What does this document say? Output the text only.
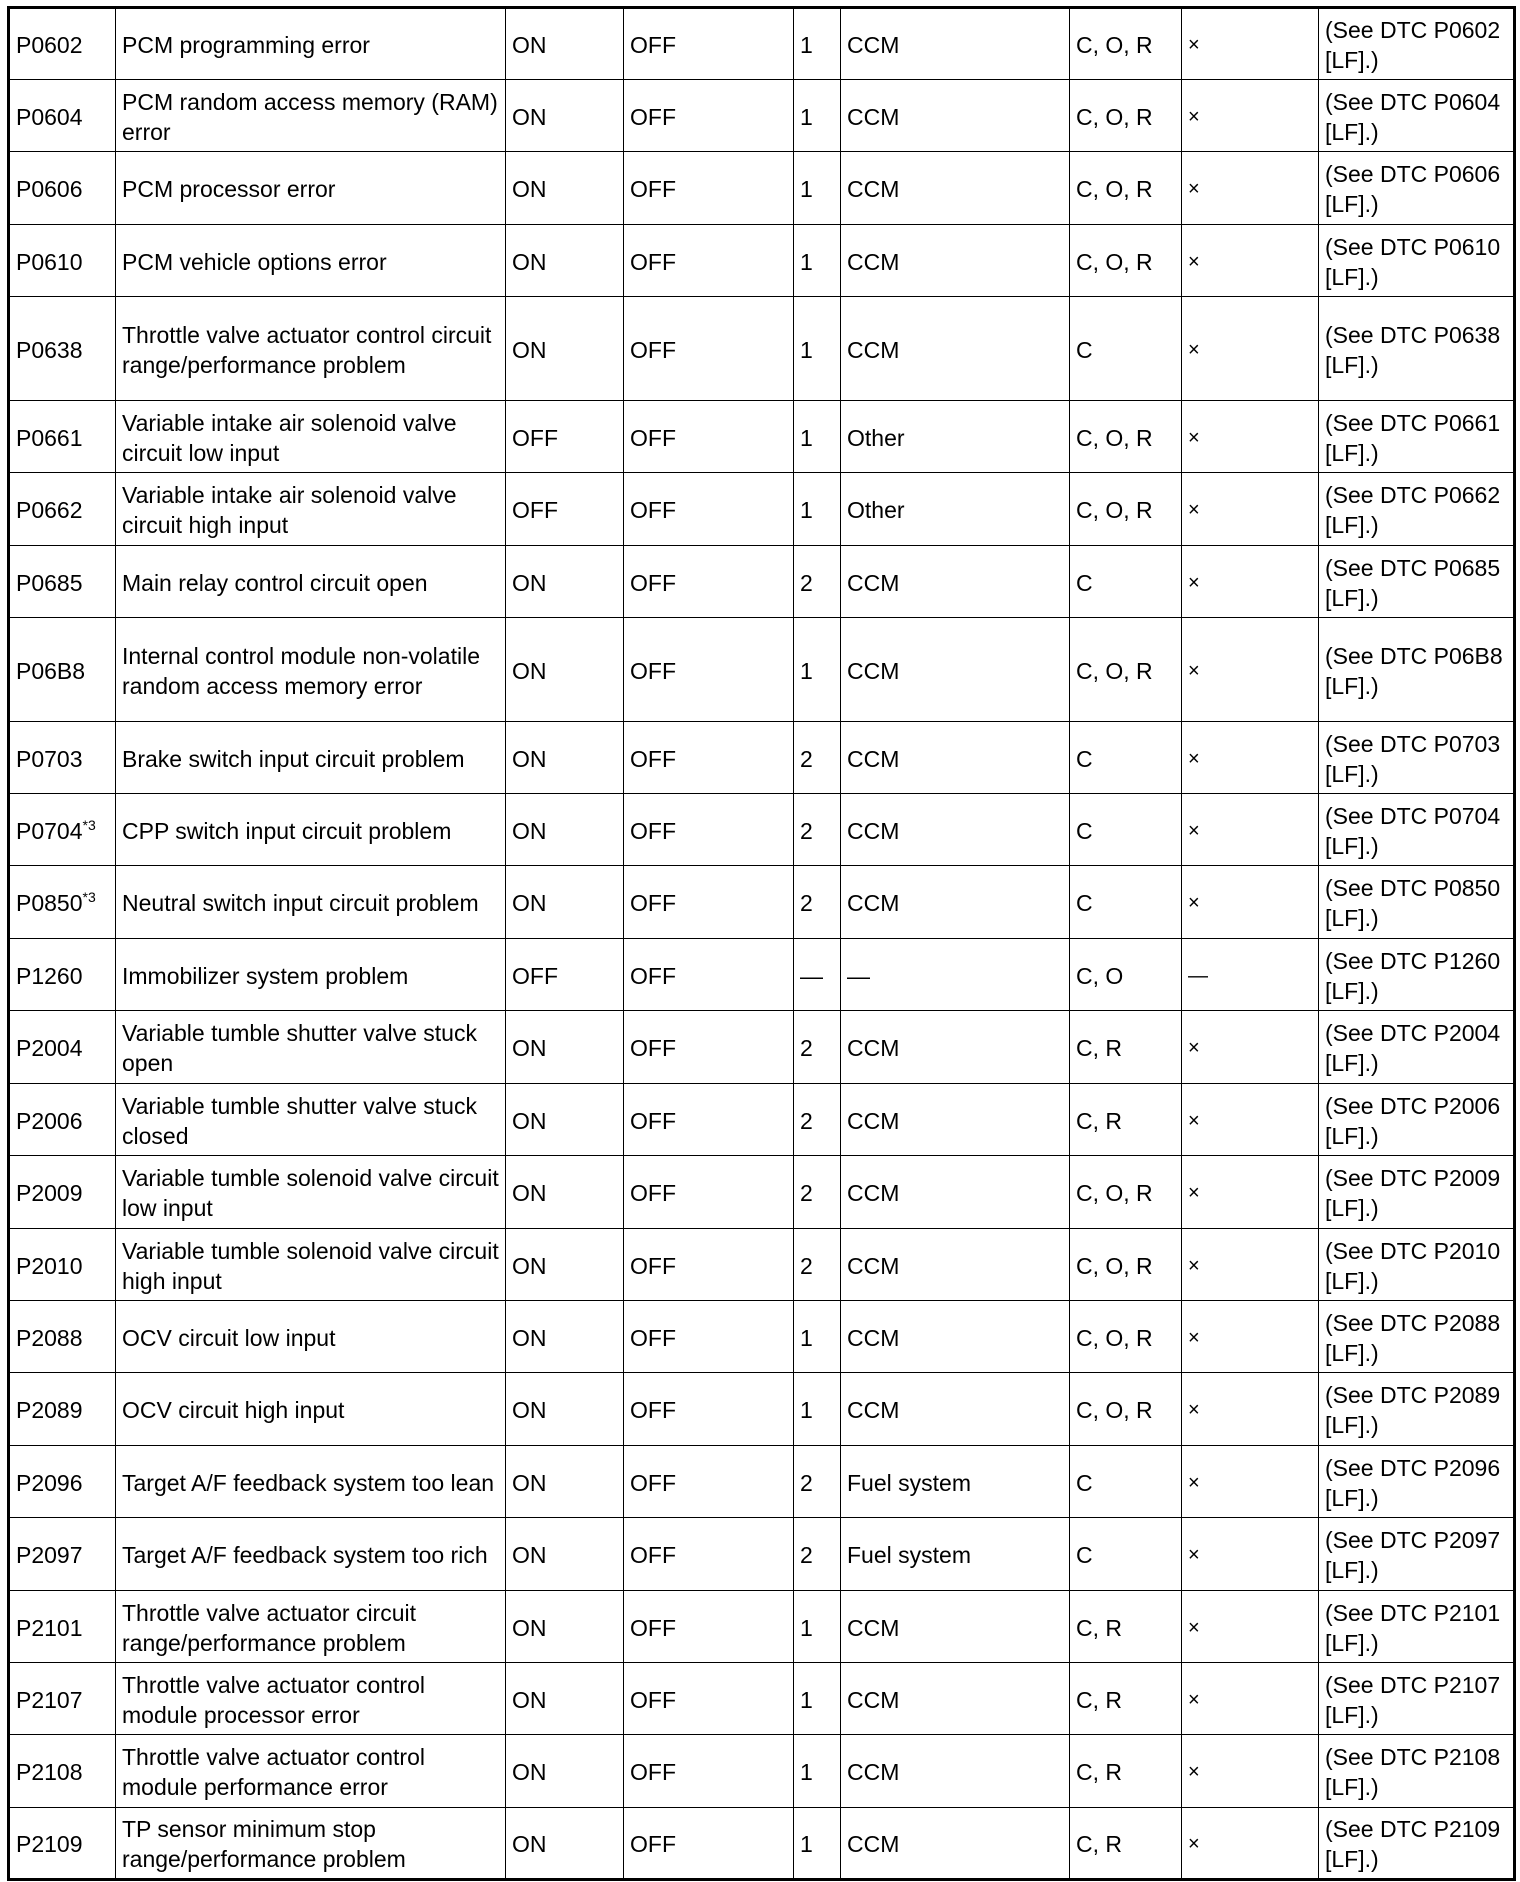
P0602	PCM programming error	ON	OFF	1	CCM	C, O, R	×	(See DTC P0602 [LF].)
P0604	PCM random access memory (RAM) error	ON	OFF	1	CCM	C, O, R	×	(See DTC P0604 [LF].)
P0606	PCM processor error	ON	OFF	1	CCM	C, O, R	×	(See DTC P0606 [LF].)
P0610	PCM vehicle options error	ON	OFF	1	CCM	C, O, R	×	(See DTC P0610 [LF].)
P0638	Throttle valve actuator control circuit range/performance problem	ON	OFF	1	CCM	C	×	(See DTC P0638 [LF].)
P0661	Variable intake air solenoid valve circuit low input	OFF	OFF	1	Other	C, O, R	×	(See DTC P0661 [LF].)
P0662	Variable intake air solenoid valve circuit high input	OFF	OFF	1	Other	C, O, R	×	(See DTC P0662 [LF].)
P0685	Main relay control circuit open	ON	OFF	2	CCM	C	×	(See DTC P0685 [LF].)
P06B8	Internal control module non-volatile random access memory error	ON	OFF	1	CCM	C, O, R	×	(See DTC P06B8 [LF].)
P0703	Brake switch input circuit problem	ON	OFF	2	CCM	C	×	(See DTC P0703 [LF].)
P0704$^{*3}$	CPP switch input circuit problem	ON	OFF	2	CCM	C	×	(See DTC P0704 [LF].)
P0850$^{*3}$	Neutral switch input circuit problem	ON	OFF	2	CCM	C	×	(See DTC P0850 [LF].)
P1260	Immobilizer system problem	OFF	OFF	—	—	C, O	—	(See DTC P1260 [LF].)
P2004	Variable tumble shutter valve stuck open	ON	OFF	2	CCM	C, R	×	(See DTC P2004 [LF].)
P2006	Variable tumble shutter valve stuck closed	ON	OFF	2	CCM	C, R	×	(See DTC P2006 [LF].)
P2009	Variable tumble solenoid valve circuit low input	ON	OFF	2	CCM	C, O, R	×	(See DTC P2009 [LF].)
P2010	Variable tumble solenoid valve circuit high input	ON	OFF	2	CCM	C, O, R	×	(See DTC P2010 [LF].)
P2088	OCV circuit low input	ON	OFF	1	CCM	C, O, R	×	(See DTC P2088 [LF].)
P2089	OCV circuit high input	ON	OFF	1	CCM	C, O, R	×	(See DTC P2089 [LF].)
P2096	Target A/F feedback system too lean	ON	OFF	2	Fuel system	C	×	(See DTC P2096 [LF].)
P2097	Target A/F feedback system too rich	ON	OFF	2	Fuel system	C	×	(See DTC P2097 [LF].)
P2101	Throttle valve actuator circuit range/performance problem	ON	OFF	1	CCM	C, R	×	(See DTC P2101 [LF].)
P2107	Throttle valve actuator control module processor error	ON	OFF	1	CCM	C, R	×	(See DTC P2107 [LF].)
P2108	Throttle valve actuator control module performance error	ON	OFF	1	CCM	C, R	×	(See DTC P2108 [LF].)
P2109	TP sensor minimum stop range/performance problem	ON	OFF	1	CCM	C, R	×	(See DTC P2109 [LF].)
